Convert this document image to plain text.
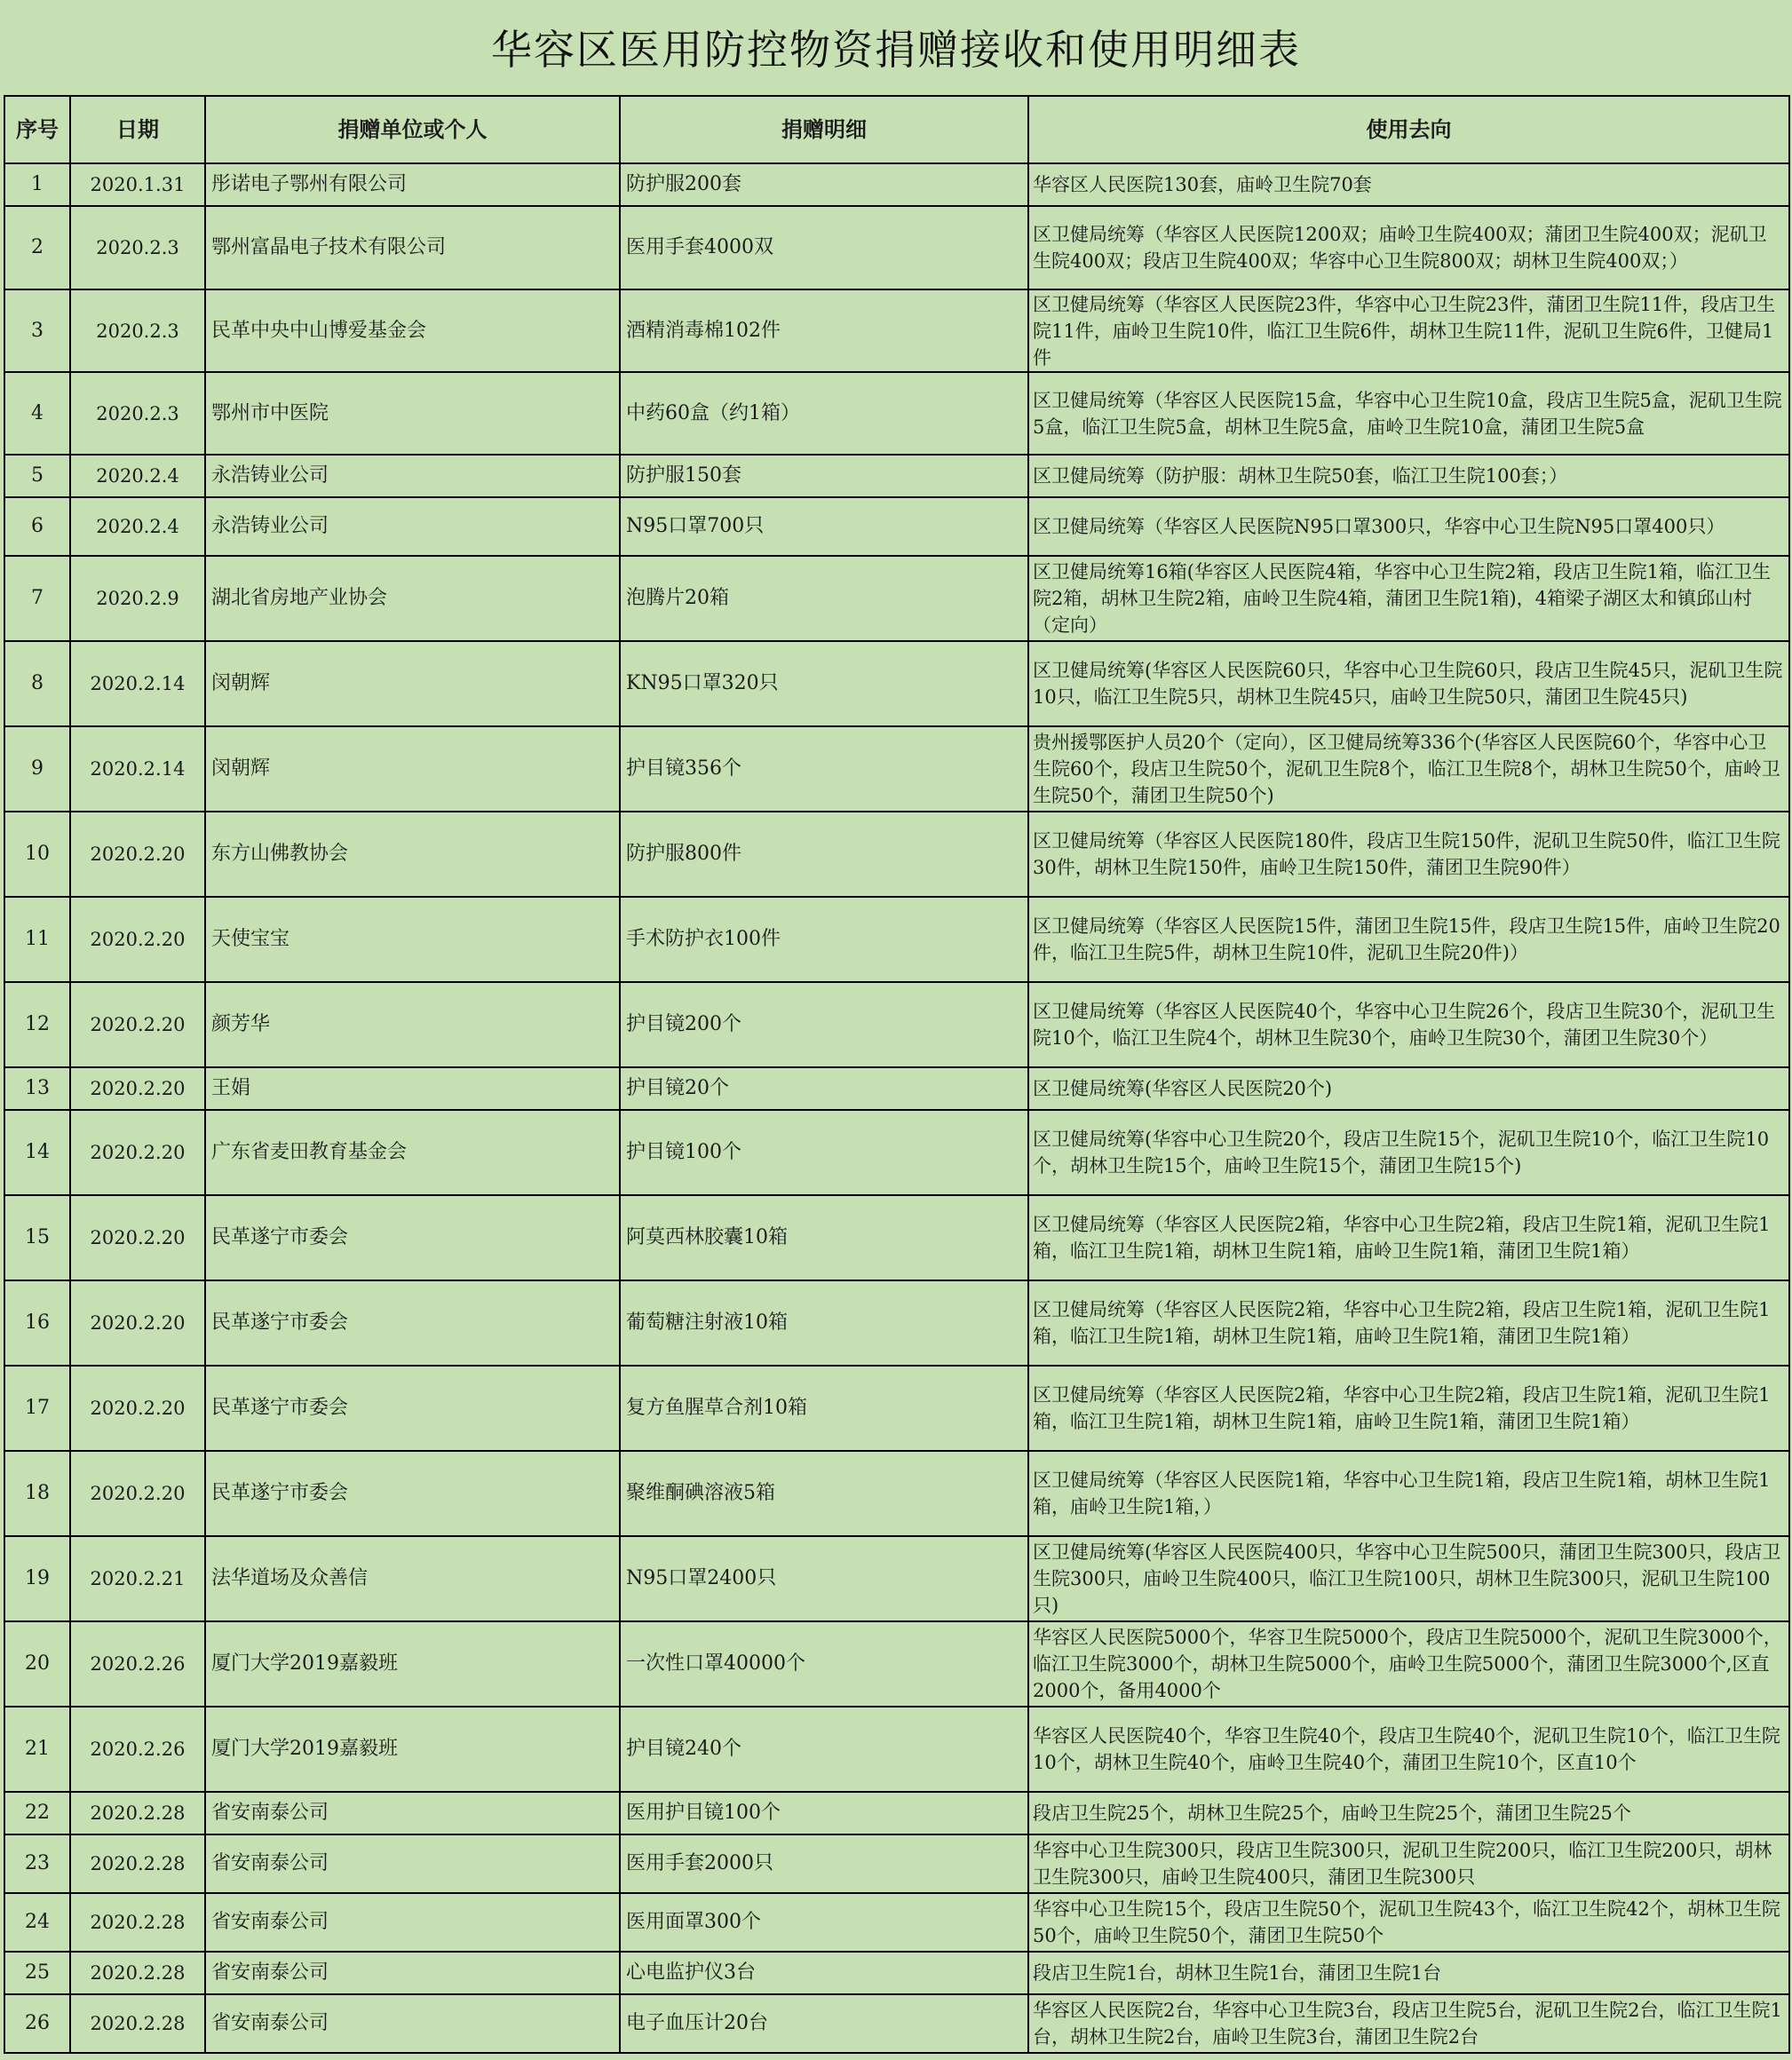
华容区医用防控物资捐赠接收和使用明细表
序号	日期	捐赠单位或个人	捐赠明细	使用去向
1	2020.1.31	彤诺电子鄂州有限公司	防护服200套	华容区人民医院130套，庙岭卫生院70套
2	2020.2.3	鄂州富晶电子技术有限公司	医用手套4000双	区卫健局统筹（华容区人民医院1200双；庙岭卫生院400双；蒲团卫生院400双；泥矶卫生院400双；段店卫生院400双；华容中心卫生院800双；胡林卫生院400双；）
3	2020.2.3	民革中央中山博爱基金会	酒精消毒棉102件	区卫健局统筹（华容区人民医院23件，华容中心卫生院23件，蒲团卫生院11件，段店卫生院11件，庙岭卫生院10件，临江卫生院6件，胡林卫生院11件，泥矶卫生院6件，卫健局1件
4	2020.2.3	鄂州市中医院	中药60盒（约1箱）	区卫健局统筹（华容区人民医院15盒，华容中心卫生院10盒，段店卫生院5盒，泥矶卫生院5盒，临江卫生院5盒，胡林卫生院5盒，庙岭卫生院10盒，蒲团卫生院5盒
5	2020.2.4	永浩铸业公司	防护服150套	区卫健局统筹（防护服：胡林卫生院50套，临江卫生院100套；）
6	2020.2.4	永浩铸业公司	N95口罩700只	区卫健局统筹（华容区人民医院N95口罩300只，华容中心卫生院N95口罩400只）
7	2020.2.9	湖北省房地产业协会	泡腾片20箱	区卫健局统筹16箱(华容区人民医院4箱，华容中心卫生院2箱，段店卫生院1箱，临江卫生院2箱，胡林卫生院2箱，庙岭卫生院4箱，蒲团卫生院1箱)，4箱梁子湖区太和镇邱山村（定向）
8	2020.2.14	闵朝辉	KN95口罩320只	区卫健局统筹(华容区人民医院60只，华容中心卫生院60只，段店卫生院45只，泥矶卫生院10只，临江卫生院5只，胡林卫生院45只，庙岭卫生院50只，蒲团卫生院45只)
9	2020.2.14	闵朝辉	护目镜356个	贵州援鄂医护人员20个（定向），区卫健局统筹336个(华容区人民医院60个，华容中心卫生院60个，段店卫生院50个，泥矶卫生院8个，临江卫生院8个，胡林卫生院50个，庙岭卫生院50个，蒲团卫生院50个)
10	2020.2.20	东方山佛教协会	防护服800件	区卫健局统筹（华容区人民医院180件，段店卫生院150件，泥矶卫生院50件，临江卫生院30件，胡林卫生院150件，庙岭卫生院150件，蒲团卫生院90件）
11	2020.2.20	天使宝宝	手术防护衣100件	区卫健局统筹（华容区人民医院15件，蒲团卫生院15件，段店卫生院15件，庙岭卫生院20件，临江卫生院5件，胡林卫生院10件，泥矶卫生院20件)）
12	2020.2.20	颜芳华	护目镜200个	区卫健局统筹（华容区人民医院40个，华容中心卫生院26个，段店卫生院30个，泥矶卫生院10个，临江卫生院4个，胡林卫生院30个，庙岭卫生院30个，蒲团卫生院30个）
13	2020.2.20	王娟	护目镜20个	区卫健局统筹(华容区人民医院20个)
14	2020.2.20	广东省麦田教育基金会	护目镜100个	区卫健局统筹(华容中心卫生院20个，段店卫生院15个，泥矶卫生院10个，临江卫生院10个，胡林卫生院15个，庙岭卫生院15个，蒲团卫生院15个)
15	2020.2.20	民革遂宁市委会	阿莫西林胶囊10箱	区卫健局统筹（华容区人民医院2箱，华容中心卫生院2箱，段店卫生院1箱，泥矶卫生院1箱，临江卫生院1箱，胡林卫生院1箱，庙岭卫生院1箱，蒲团卫生院1箱）
16	2020.2.20	民革遂宁市委会	葡萄糖注射液10箱	区卫健局统筹（华容区人民医院2箱，华容中心卫生院2箱，段店卫生院1箱，泥矶卫生院1箱，临江卫生院1箱，胡林卫生院1箱，庙岭卫生院1箱，蒲团卫生院1箱）
17	2020.2.20	民革遂宁市委会	复方鱼腥草合剂10箱	区卫健局统筹（华容区人民医院2箱，华容中心卫生院2箱，段店卫生院1箱，泥矶卫生院1箱，临江卫生院1箱，胡林卫生院1箱，庙岭卫生院1箱，蒲团卫生院1箱）
18	2020.2.20	民革遂宁市委会	聚维酮碘溶液5箱	区卫健局统筹（华容区人民医院1箱，华容中心卫生院1箱，段店卫生院1箱，胡林卫生院1箱，庙岭卫生院1箱，）
19	2020.2.21	法华道场及众善信	N95口罩2400只	区卫健局统筹(华容区人民医院400只，华容中心卫生院500只，蒲团卫生院300只，段店卫生院300只，庙岭卫生院400只，临江卫生院100只，胡林卫生院300只，泥矶卫生院100只)
20	2020.2.26	厦门大学2019嘉毅班	一次性口罩40000个	华容区人民医院5000个，华容卫生院5000个，段店卫生院5000个，泥矶卫生院3000个，临江卫生院3000个，胡林卫生院5000个，庙岭卫生院5000个，蒲团卫生院3000个,区直2000个，备用4000个
21	2020.2.26	厦门大学2019嘉毅班	护目镜240个	华容区人民医院40个，华容卫生院40个，段店卫生院40个，泥矶卫生院10个，临江卫生院10个，胡林卫生院40个，庙岭卫生院40个，蒲团卫生院10个，区直10个
22	2020.2.28	省安南泰公司	医用护目镜100个	段店卫生院25个，胡林卫生院25个，庙岭卫生院25个，蒲团卫生院25个
23	2020.2.28	省安南泰公司	医用手套2000只	华容中心卫生院300只，段店卫生院300只，泥矶卫生院200只，临江卫生院200只，胡林卫生院300只，庙岭卫生院400只，蒲团卫生院300只
24	2020.2.28	省安南泰公司	医用面罩300个	华容中心卫生院15个，段店卫生院50个，泥矶卫生院43个，临江卫生院42个，胡林卫生院50个，庙岭卫生院50个，蒲团卫生院50个
25	2020.2.28	省安南泰公司	心电监护仪3台	段店卫生院1台，胡林卫生院1台，蒲团卫生院1台
26	2020.2.28	省安南泰公司	电子血压计20台	华容区人民医院2台，华容中心卫生院3台，段店卫生院5台，泥矶卫生院2台，临江卫生院1台，胡林卫生院2台，庙岭卫生院3台，蒲团卫生院2台
